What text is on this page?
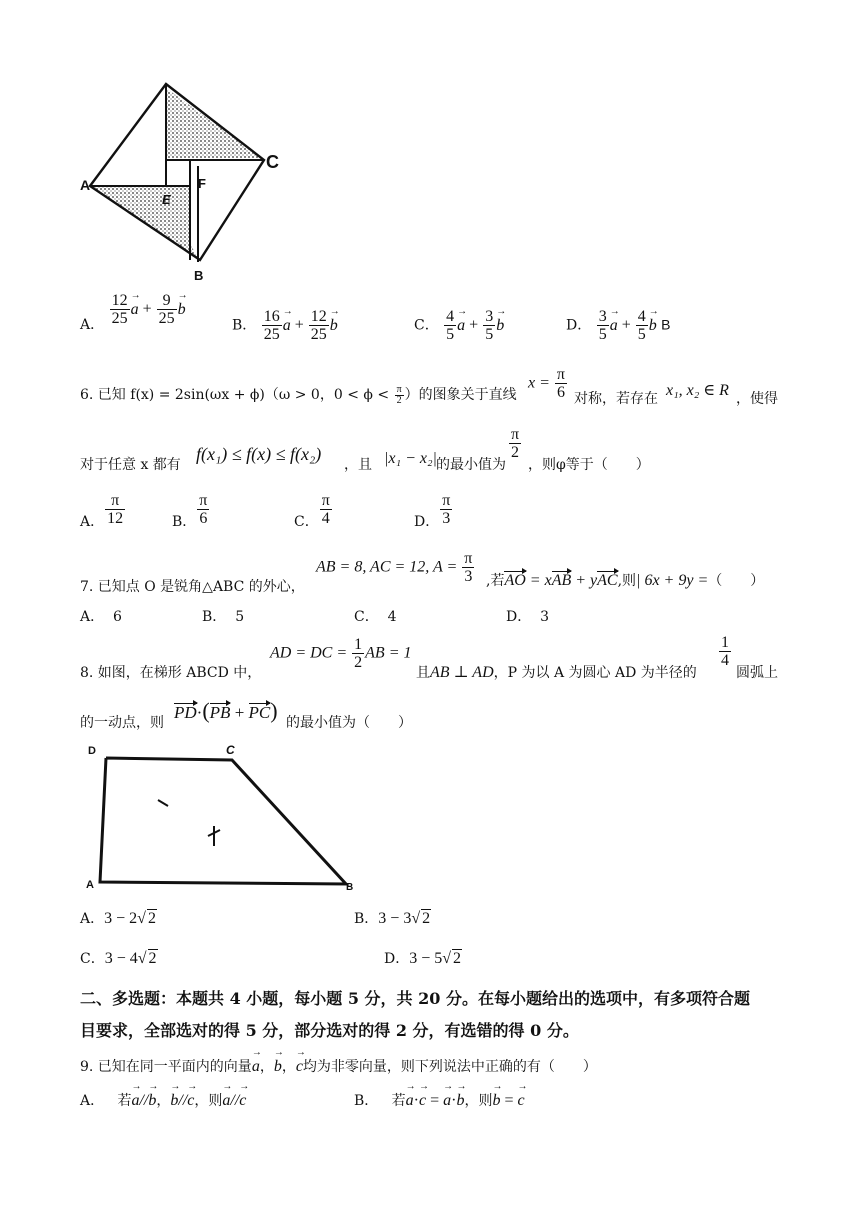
A
C
B
E
F
A． $\frac{12}{25}$
→ $a + \frac{9}{25}$
→ b
B． $\frac{16}{25}$
→ $a + \frac{12}{25}$
→ b	C． $\frac{4}{5}$
→ $a + \frac{3}{5}$
→ b	D． $\frac{3}{5}$
→ $a + \frac{4}{5}$
→ b B
6. 已知 f(x) = 2sin(ωx + ϕ)（ω > 0，$0 < \phi < \frac{\pi}{2}$ ）的图象关于直线
$x = \frac{\pi}{6}$ 对称，若存在 x₁, x₂ ∈ R ，使得
对于任意 x 都有
f(x₁) ≤ f(x) ≤ f(x₂)
，且 |x₁ − x₂| 的最小值为
$\frac{\pi}{2}$
，则φ等于（　　）
A． $\frac{\pi}{12}$	B． $\frac{\pi}{6}$	C． $\frac{\pi}{4}$	D． $\frac{\pi}{3}$
AB = 8, AC = 12, $A = \frac{\pi}{3}$
7. 已知点 O 是锐角△ABC 的外心，	,若AO = xAB + yAC,则| 6x + 9y =（　　）
A． 6	B． 5	C． 4	D． 3
AD = DC = $\frac{1}{2}$ AB = 1
8. 如图，在梯形 ABCD 中，	且AB ⊥ AD，P 为以 A 为圆心 AD 为半径的
$\frac{1}{4}$
圆弧上
的一动点，则
PD·(PB + PC) 的最小值为（　　）
D	C
A	B
A．3 − 2√ 2	B．3 − 3√ 2
C．3 − 4√ 2	D．3 − 5√ 2
二、多选题：本题共 4 小题，每小题 5 分，共 20 分。在每小题给出的选项中，有多项符合题
目要求，全部选对的得 5 分，部分选对的得 2 分，有选错的得 0 分。
9. 已知在同一平面内的向量→ a，→ b，→ c均为非零向量，则下列说法中正确的有（　　）
A． 若→ a//→ b，→ b//→ c，则→ a//→ c	B． 若→ a·→ c = → a·→ b，则→ b = → c
